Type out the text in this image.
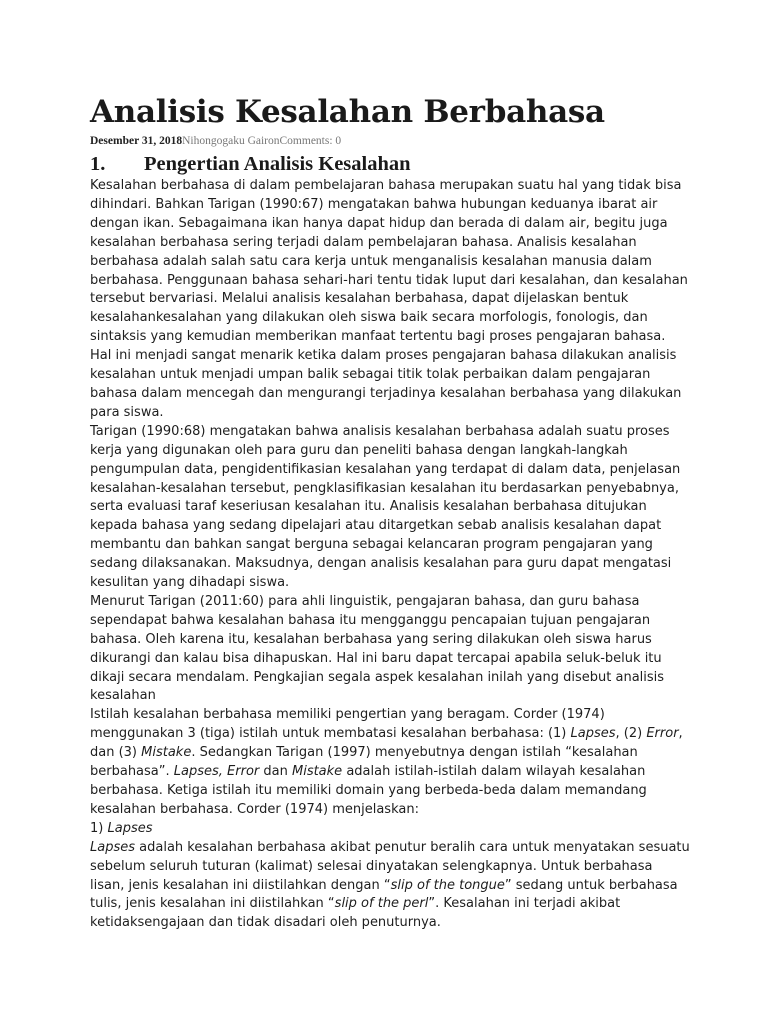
Analisis Kesalahan Berbahasa
Desember 31, 2018Nihongogaku GaironComments: 0
1.	Pengertian Analisis Kesalahan

Kesalahan berbahasa di dalam pembelajaran bahasa merupakan suatu hal yang tidak bisa dihindari. Bahkan Tarigan (1990:67) mengatakan bahwa hubungan keduanya ibarat air dengan ikan. Sebagaimana ikan hanya dapat hidup dan berada di dalam air, begitu juga kesalahan berbahasa sering terjadi dalam pembelajaran bahasa. Analisis kesalahan berbahasa adalah salah satu cara kerja untuk menganalisis kesalahan manusia dalam berbahasa. Penggunaan bahasa sehari-hari tentu tidak luput dari kesalahan, dan kesalahan tersebut bervariasi. Melalui analisis kesalahan berbahasa, dapat dijelaskan bentuk kesalahankesalahan yang dilakukan oleh siswa baik secara morfologis, fonologis, dan sintaksis yang kemudian memberikan manfaat tertentu bagi proses pengajaran bahasa. Hal ini menjadi sangat menarik ketika dalam proses pengajaran bahasa dilakukan analisis kesalahan untuk menjadi umpan balik sebagai titik tolak perbaikan dalam pengajaran bahasa dalam mencegah dan mengurangi terjadinya kesalahan berbahasa yang dilakukan para siswa.

Tarigan (1990:68) mengatakan bahwa analisis kesalahan berbahasa adalah suatu proses kerja yang digunakan oleh para guru dan peneliti bahasa dengan langkah-langkah pengumpulan data, pengidentifikasian kesalahan yang terdapat di dalam data, penjelasan kesalahan-kesalahan tersebut, pengklasifikasian kesalahan itu berdasarkan penyebabnya, serta evaluasi taraf keseriusan kesalahan itu. Analisis kesalahan berbahasa ditujukan kepada bahasa yang sedang dipelajari atau ditargetkan sebab analisis kesalahan dapat membantu dan bahkan sangat berguna sebagai kelancaran program pengajaran yang sedang dilaksanakan. Maksudnya, dengan analisis kesalahan para guru dapat mengatasi kesulitan yang dihadapi siswa.

Menurut Tarigan (2011:60) para ahli linguistik, pengajaran bahasa, dan guru bahasa sependapat bahwa kesalahan bahasa itu mengganggu pencapaian tujuan pengajaran bahasa. Oleh karena itu, kesalahan berbahasa yang sering dilakukan oleh siswa harus dikurangi dan kalau bisa dihapuskan. Hal ini baru dapat tercapai apabila seluk-beluk itu dikaji secara mendalam. Pengkajian segala aspek kesalahan inilah yang disebut analisis kesalahan

Istilah kesalahan berbahasa memiliki pengertian yang beragam. Corder (1974) menggunakan 3 (tiga) istilah untuk membatasi kesalahan berbahasa: (1) Lapses, (2) Error, dan (3) Mistake. Sedangkan Tarigan (1997) menyebutnya dengan istilah “kesalahan berbahasa”. Lapses, Error dan Mistake adalah istilah-istilah dalam wilayah kesalahan berbahasa. Ketiga istilah itu memiliki domain yang berbeda-beda dalam memandang kesalahan berbahasa. Corder (1974) menjelaskan:

1) Lapses

Lapses adalah kesalahan berbahasa akibat penutur beralih cara untuk menyatakan sesuatu sebelum seluruh tuturan (kalimat) selesai dinyatakan selengkapnya. Untuk berbahasa lisan, jenis kesalahan ini diistilahkan dengan “slip of the tongue” sedang untuk berbahasa tulis, jenis kesalahan ini diistilahkan “slip of the perl”. Kesalahan ini terjadi akibat ketidaksengajaan dan tidak disadari oleh penuturnya.
